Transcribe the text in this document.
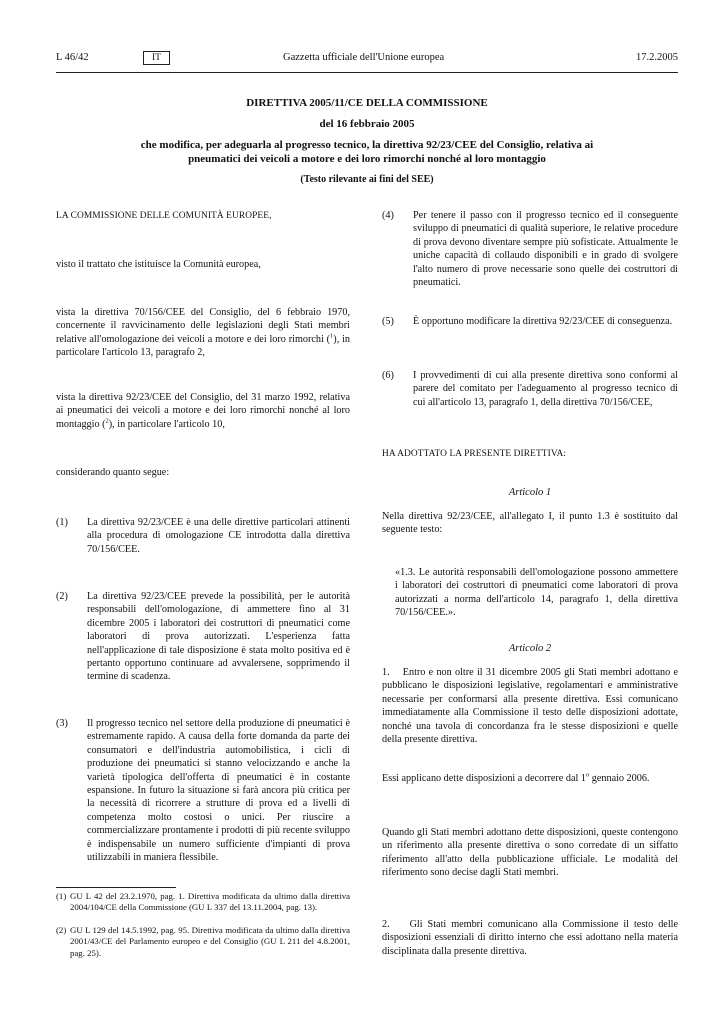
L 46/42	IT	Gazzetta ufficiale dell'Unione europea	17.2.2005
DIRETTIVA 2005/11/CE DELLA COMMISSIONE
del 16 febbraio 2005
che modifica, per adeguarla al progresso tecnico, la direttiva 92/23/CEE del Consiglio, relativa ai
pneumatici dei veicoli a motore e dei loro rimorchi nonché al loro montaggio
(Testo rilevante ai fini del SEE)
LA COMMISSIONE DELLE COMUNITÀ EUROPEE,
visto il trattato che istituisce la Comunità europea,
vista la direttiva 70/156/CEE del Consiglio, del 6 febbraio 1970, concernente il ravvicinamento delle legislazioni degli Stati membri relative all'omologazione dei veicoli a motore e dei loro rimorchi ($^1$), in particolare l'articolo 13, paragrafo 2,
vista la direttiva 92/23/CEE del Consiglio, del 31 marzo 1992, relativa ai pneumatici dei veicoli a motore e dei loro rimorchi nonché al loro montaggio ($^2$), in particolare l'articolo 10,
considerando quanto segue:
(1) La direttiva 92/23/CEE è una delle direttive particolari attinenti alla procedura di omologazione CE introdotta dalla direttiva 70/156/CEE.
(2) La direttiva 92/23/CEE prevede la possibilità, per le autorità responsabili dell'omologazione, di ammettere fino al 31 dicembre 2005 i laboratori dei costruttori di pneumatici come laboratori di prova autorizzati. L'esperienza fatta nell'applicazione di tale disposizione è stata molto positiva ed è pertanto opportuno continuare ad avvalersene, sopprimendo il termine di scadenza.
(3) Il progresso tecnico nel settore della produzione di pneumatici è estremamente rapido. A causa della forte domanda da parte dei consumatori e dell'industria automobilistica, i cicli di produzione dei pneumatici si stanno velocizzando e anche la varietà tipologica dell'offerta di pneumatici è in costante espansione. In futuro la situazione si farà ancora più critica per la necessità di ricorrere a strutture di prova ed a livelli di competenza molto costosi o unici. Per riuscire a commercializzare prontamente i prodotti di più recente sviluppo è indispensabile un numero sufficiente d'impianti di prova utilizzabili in maniera flessibile.
(1) GU L 42 del 23.2.1970, pag. 1. Direttiva modificata da ultimo dalla direttiva 2004/104/CE della Commissione (GU L 337 del 13.11.2004, pag. 13).
(2) GU L 129 del 14.5.1992, pag. 95. Direttiva modificata da ultimo dalla direttiva 2001/43/CE del Parlamento europeo e del Consiglio (GU L 211 del 4.8.2001, pag. 25).
(4) Per tenere il passo con il progresso tecnico ed il conseguente sviluppo di pneumatici di qualità superiore, le relative procedure di prova devono diventare sempre più sofisticate. Attualmente le uniche capacità di collaudo disponibili e in grado di svolgere l'alto numero di prove necessarie sono quelle dei costruttori di pneumatici.
(5) È opportuno modificare la direttiva 92/23/CEE di conseguenza.
(6) I provvedimenti di cui alla presente direttiva sono conformi al parere del comitato per l'adeguamento al progresso tecnico di cui all'articolo 13, paragrafo 1, della direttiva 70/156/CEE,
HA ADOTTATO LA PRESENTE DIRETTIVA:
Articolo 1
Nella direttiva 92/23/CEE, all'allegato I, il punto 1.3 è sostituito dal seguente testo:
«1.3. Le autorità responsabili dell'omologazione possono ammettere i laboratori dei costruttori di pneumatici come laboratori di prova autorizzati a norma dell'articolo 14, paragrafo 1, della direttiva 70/156/CEE.».
Articolo 2
1. Entro e non oltre il 31 dicembre 2005 gli Stati membri adottano e pubblicano le disposizioni legislative, regolamentari e amministrative necessarie per conformarsi alla presente direttiva. Essi comunicano immediatamente alla Commissione il testo delle disposizioni adottate, nonché una tavola di concordanza fra le stesse disposizioni e quelle della presente direttiva.
Essi applicano dette disposizioni a decorrere dal 1$^o$ gennaio 2006.
Quando gli Stati membri adottano dette disposizioni, queste contengono un riferimento alla presente direttiva o sono corredate di un siffatto riferimento all'atto della pubblicazione ufficiale. Le modalità del riferimento sono decise dagli Stati membri.
2. Gli Stati membri comunicano alla Commissione il testo delle disposizioni essenziali di diritto interno che essi adottano nella materia disciplinata dalla presente direttiva.
